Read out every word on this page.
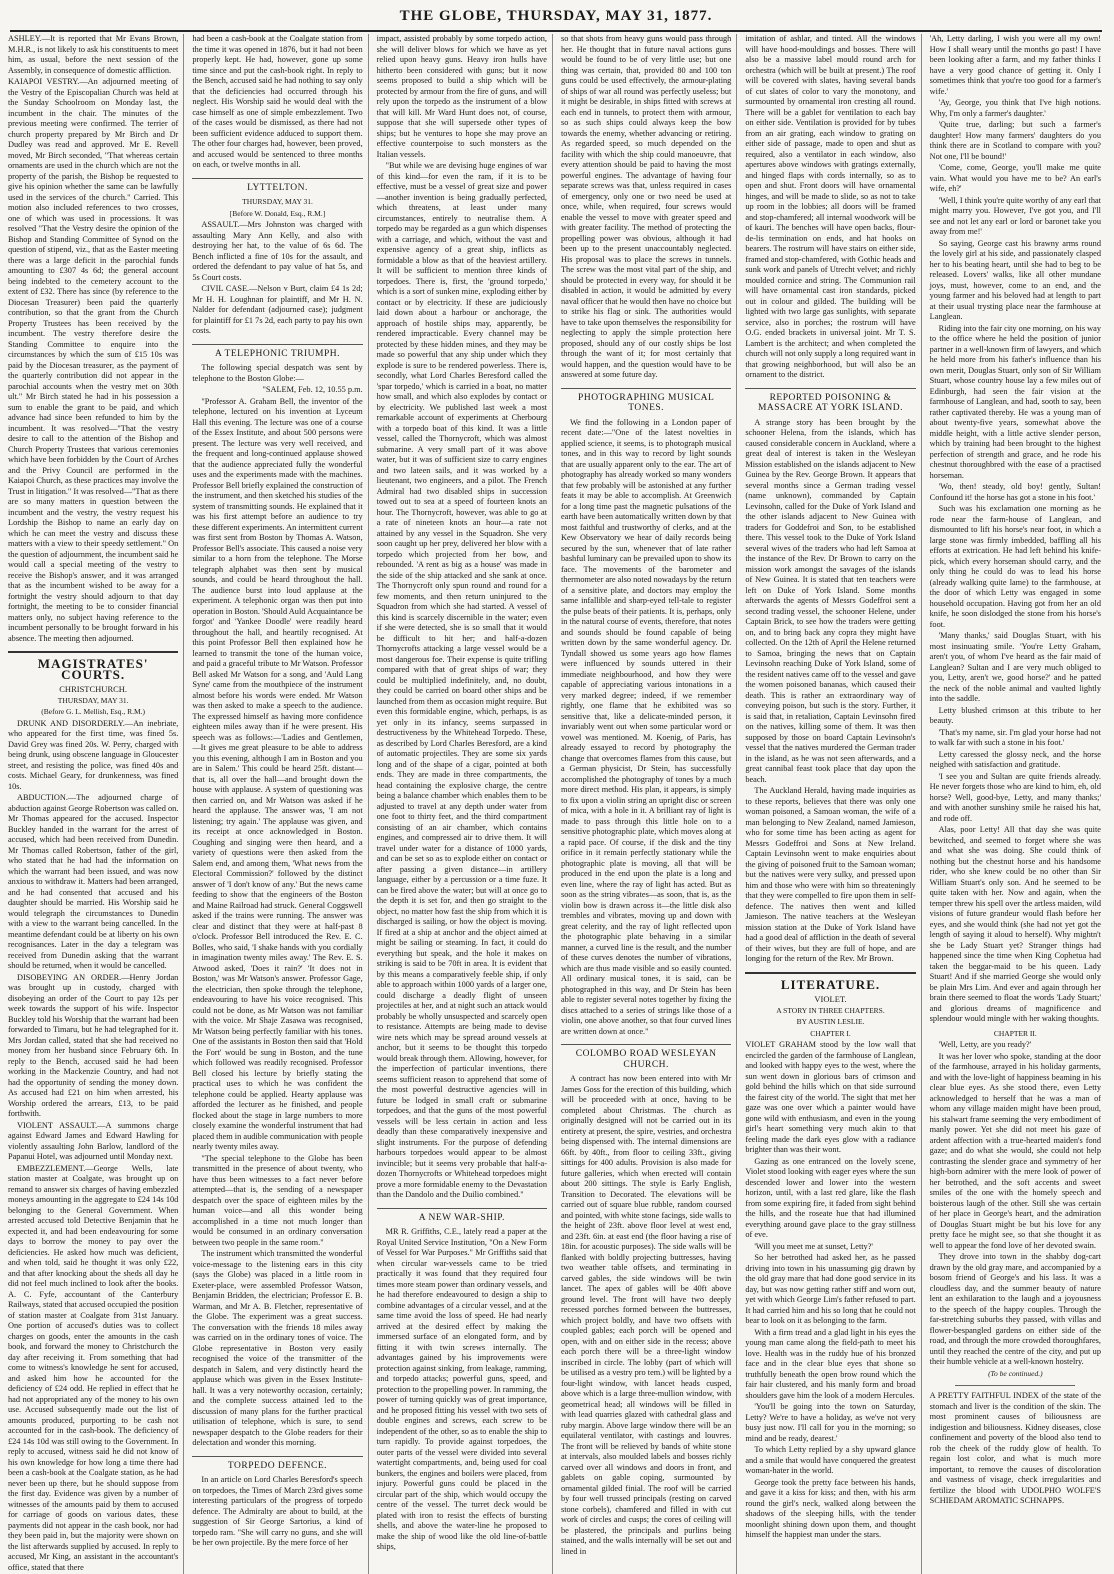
THE GLOBE, THURSDAY, MAY 31, 1877.

ASHLEY.—It is reported that Mr Evans Brown, M.H.R., is not likely to ask his constituents to meet him, as usual, before the next session of the Assembly, in consequence of domestic affliction.

KAIAPOI VESTRY.—An adjourned meeting of the Vestry of the Episcopalian Church was held at the Sunday Schoolroom on Monday last, the incumbent in the chair. The minutes of the previous meeting were confirmed. The terrier of church property prepared by Mr Birch and Dr Dudley was read and approved. Mr E. Revell moved, Mr Birch seconded, "That whereas certain ornaments are used in the church which are not the property of the parish, the Bishop be requested to give his opinion whether the same can be lawfully used in the services of the church." Carried. This motion also included references to two crosses, one of which was used in processions. It was resolved "That the Vestry desire the opinion of the Bishop and Standing Committee of Synod on the question of stipend, viz., that as the Easter meeting there was a large deficit in the parochial funds amounting to £307 4s 6d; the general account being indebted to the cemetery account to the extent of £32. There has since (by reference to the Diocesan Treasurer) been paid the quarterly contribution, so that the grant from the Church Property Trustees has been received by the incumbent. The vestry therefore desire the Standing Committee to enquire into the circumstances by which the sum of £15 10s was paid by the Diocesan treasurer, as the payment of the quarterly contribution did not appear in the parochial accounts when the vestry met on 30th ult." Mr Birch stated he had in his possession a sum to enable the grant to be paid, and which advance had since been refunded to him by the incumbent. It was resolved—"That the vestry desire to call to the attention of the Bishop and Church Property Trustees that various ceremonies which have been forbidden by the Court of Arches and the Privy Council are performed in the Kaiapoi Church, as these practices may involve the Trust in litigation." It was resolved—"That as there are so many matters in question between the incumbent and the vestry, the vestry request his Lordship the Bishop to name an early day on which he can meet the vestry and discuss these matters with a view to their speedy settlement." On the question of adjournment, the incumbent said he would call a special meeting of the vestry to receive the Bishop's answer, and it was arranged that as the incumbent wished to be away for a fortnight the vestry should adjourn to that day fortnight, the meeting to be to consider financial matters only, no subject having reference to the incumbent personally to be brought forward in his absence. The meeting then adjourned.

MAGISTRATES' COURTS.
CHRISTCHURCH.
THURSDAY, MAY 31.
(Before G. L. Mellish, Esq., R.M.)

DRUNK AND DISORDERLY.—An inebriate, who appeared for the first time, was fined 5s. David Grey was fined 20s. W. Perry, charged with being drunk, using obscene language in Gloucester street, and resisting the police, was fined 40s and costs. Michael Geary, for drunkenness, was fined 10s.

ABDUCTION.—The adjourned charge of abduction against George Robertson was called on. Mr Thomas appeared for the accused. Inspector Buckley handed in the warrant for the arrest of accused, which had been received from Dunedin. Mr Thomas called Robertson, father of the girl, who stated that he had had the information on which the warrant had been issued, and was now anxious to withdraw it. Matters had been arranged, and he had consented that accused and his daughter should be married. His Worship said he would telegraph the circumstances to Dunedin with a view to the warrant being cancelled. In the meantime defendant could be at liberty on his own recognisances. Later in the day a telegram was received from Dunedin asking that the warrant should be returned, when it would be cancelled.

DISOBEYING AN ORDER.—Henry Jordan was brought up in custody, charged with disobeying an order of the Court to pay 12s per week towards the support of his wife. Inspector Buckley told his Worship that the warrant had been forwarded to Timaru, but he had telegraphed for it. Mrs Jordan called, stated that she had received no money from her husband since February 6th. In reply to the Bench, accused said he had been working in the Mackenzie Country, and had not had the opportunity of sending the money down. As accused had £21 on him when arrested, his Worship ordered the arrears, £13, to be paid forthwith.

VIOLENT ASSAULT.—A summons charge against Edward James and Edward Hawling for violently assaulting John Barlow, landlord of the Papanui Hotel, was adjourned until Monday next.

EMBEZZLEMENT.—George Wells, late station master at Coalgate, was brought up on remand to answer six charges of having embezzled moneys amounting in the aggregate to £24 14s 10d belonging to the General Government. When arrested accused told Detective Benjamin that he expected it, and had been endeavouring for some days to borrow the money to pay over the deficiencies. He asked how much was deficient, and when told, said he thought it was only £22, and that after knocking about the sheds all day he did not feel much inclined to look after the books. A. C. Fyfe, accountant of the Canterbury Railways, stated that accused occupied the position of station master at Coalgate from 31st January. One portion of accused's duties was to collect charges on goods, enter the amounts in the cash book, and forward the money to Christchurch the day after receiving it. From something that had come to witness's knowledge he sent for accused, and asked him how he accounted for the deficiency of £24 odd. He replied in effect that he had not appropriated any of the money to his own use. Accused subsequently made out the list of amounts produced, purporting to be cash not accounted for in the cash-book. The deficiency of £24 14s 10d was still owing to the Government. In reply to accused, witness said he did not know of his own knowledge for how long a time there had been a cash-book at the Coalgate station, as he had never been up there, but he should suppose from the first day. Evidence was given by a number of witnesses of the amounts paid by them to accused for carriage of goods on various dates, these payments did not appear in the cash book, nor had they been paid in, but the majority were shown on the list afterwards supplied by accused. In reply to accused, Mr King, an assistant in the accountant's office, stated that there

had been a cash-book at the Coalgate station from the time it was opened in 1876, but it had not been properly kept. He had, however, gone up some time since and put the cash-book right. In reply to the Bench, accused said he had nothing to say only that the deficiencies had occurred through his neglect. His Worship said he would deal with the case himself as one of simple embezzlement. Two of the cases would be dismissed, as there had not been sufficient evidence adduced to support them. The other four charges had, however, been proved, and accused would be sentenced to three months on each, or twelve months in all.

LYTTELTON.
THURSDAY, MAY 31.
[Before W. Donald, Esq., R.M.]

ASSAULT.—Mrs Johnston was charged with assaulting Mary Ann Kelly, and also with destroying her hat, to the value of 6s 6d. The Bench inflicted a fine of 10s for the assault, and ordered the defendant to pay value of hat 5s, and 5s Court costs.

CIVIL CASE.—Nelson v Burt, claim £4 1s 2d; Mr H. H. Loughnan for plaintiff, and Mr H. N. Nalder for defendant (adjourned case); judgment for plaintiff for £1 7s 2d, each party to pay his own costs.

A TELEPHONIC TRIUMPH.

The following special despatch was sent by telephone to the Boston Globe:—

"SALEM, Feb. 12, 10.55 p.m.

"Professor A. Graham Bell, the inventor of the telephone, lectured on his invention at Lyceum Hall this evening. The lecture was one of a course of the Essex Institute, and about 500 persons were present. The lecture was very well received, and the frequent and long-continued applause showed that the audience appreciated fully the wonderful uses and the experiments made with the machines. Professor Bell briefly explained the construction of the instrument, and then sketched his studies of the system of transmitting sounds. He explained that it was his first attempt before an audience to try these different experiments. An intermittent current was first sent from Boston by Thomas A. Watson, Professor Bell's associate. This caused a noise very similar to a horn from the telephone. The Morse telegraph alphabet was then sent by musical sounds, and could be heard throughout the hall. The audience burst into loud applause at the experiment. A telephonic organ was then put into operation in Boston. 'Should Auld Acquaintance be forgot' and 'Yankee Doodle' were readily heard throughout the hall, and heartily recognised. At this point Professor Bell then explained how he learned to transmit the tone of the human voice, and paid a graceful tribute to Mr Watson. Professor Bell asked Mr Watson for a song, and 'Auld Lang Syne' came from the mouthpiece of the instrument almost before his words were ended. Mr Watson was then asked to make a speech to the audience. The expressed himself as having more confidence eighteen miles away than if he were present. His speech was as follows:—'Ladies and Gentlemen,—It gives me great pleasure to be able to address you this evening, although I am in Boston and you are in Salem.' This could be heard 25ft. distant—that is, all over the hall—and brought down the house with applause. A system of questioning was then carried on, and Mr Watson was asked if he heard the applause. The answer was, 'I am not listening; try again.' The applause was given, and its receipt at once acknowledged in Boston. Coughing and singing were then heard, and a variety of questions were then asked from the Salem end, and among them, 'What news from the Electoral Commission?' followed by the distinct answer of 'I don't know of any.' But the news came feeding to show that the engineers of the Boston and Maine Railroad had struck. General Coggswell asked if the trains were running. The answer was clear and distinct that they were at half-past 8 o'clock. Professor Bell introduced the Rev. E. C. Bolles, who said, 'I shake hands with you cordially in imagination twenty miles away.' The Rev. E. S. Atwood asked, 'Does it rain?' 'It does not in Boston,' was Mr Watson's answer. Professor Gage, the electrician, then spoke through the telephone, endeavouring to have his voice recognised. This could not be done, as Mr Watson was not familiar with the voice. Mr Shaje Zasawa was recognised, Mr Watson being perfectly familiar with his tones. One of the assistants in Boston then said that 'Hold the Fort' would be sung in Boston, and the tune which followed was readily recognised. Professor Bell closed his lecture by briefly stating the practical uses to which he was confident the telephone could be applied. Hearty applause was afforded the lecturer as he finished, and people flocked about the stage in large numbers to more closely examine the wonderful instrument that had placed them in audible communication with people nearly twenty miles away.

"The special telephone to the Globe has been transmitted in the presence of about twenty, who have thus been witnesses to a fact never before attempted—that is, the sending of a newspaper despatch over the space of eighteen miles by the human voice—and all this wonder being accomplished in a time not much longer than would be consumed in an ordinary conversation between two people in the same room."

The instrument which transmitted the wonderful voice-message to the listening ears in this city (says the Globe) was placed in a little room in Exeter-place, were assembled Professor Watson, Benjamin Bridden, the electrician; Professor E. B. Warman, and Mr A. B. Fletcher, representative of the Globe. The experiment was a great success. The conversation with the friends 18 miles away was carried on in the ordinary tones of voice. The Globe representative in Boston very easily recognised the voice of the transmitter of the despatch in Salem, and very distinctly heard the applause which was given in the Essex Institute-hall. It was a very noteworthy occasion, certainly; and the complete success attained led to the discussion of many plans for the further practical utilisation of telephone, which is sure, to send newspaper despatch to the Globe readers for their delectation and wonder this morning.

TORPEDO DEFENCE.

In an article on Lord Charles Beresford's speech on torpedoes, the Times of March 23rd gives some interesting particulars of the progress of torpedo defence. The Admiralty are about to build, at the suggestion of Sir George Sartorius, a kind of torpedo ram. "She will carry no guns, and she will be her own projectile. By the mere force of her

impact, assisted probably by some torpedo action, she will deliver blows for which we have as yet relied upon heavy guns. Heavy iron hulls have hitherto been considered with guns; but it now seems proposed to build a ship which will be protected by armour from the fire of guns, and will rely upon the torpedo as the instrument of a blow that will kill. Mr Ward Hunt does not, of course, suppose that she will supersede other types of ships; but he ventures to hope she may prove an effective counterpoise to such monsters as the Italian vessels.

"But while we are devising huge engines of war of this kind—for even the ram, if it is to be effective, must be a vessel of great size and power—another invention is being gradually perfected, which threatens, at least under many circumstances, entirely to neutralise them. A torpedo may be regarded as a gun which dispenses with a carriage, and which, without the vast and expensive agency of a great ship, inflicts as formidable a blow as that of the heaviest artillery. It will be sufficient to mention three kinds of torpedoes. There is, first, the 'ground torpedo,' which is a sort of sunken mine, exploding either by contact or by electricity. If these are judiciously laid down about a harbour or anchorage, the approach of hostile ships may, apparently, be rendered impracticable. Every channel may be protected by these hidden mines, and they may be made so powerful that any ship under which they explode is sure to be rendered powerless. There is, secondly, what Lord Charles Beresford called the 'spar torpedo,' which is carried in a boat, no matter how small, and which also explodes by contact or by electricity. We published last week a most remarkable account of experiments at Cherbourg with a torpedo boat of this kind. It was a little vessel, called the Thornycroft, which was almost submarine. A very small part of it was above water, but it was of sufficient size to carry engines and two lateen sails, and it was worked by a lieutenant, two engineers, and a pilot. The French Admiral had two disabled ships in succession towed out to sea at a speed of fourteen knots an hour. The Thornycroft, however, was able to go at a rate of nineteen knots an hour—a rate not attained by any vessel in the Squadron. She very soon caught up her prey, delivered her blow with a torpedo which projected from her bow, and rebounded. 'A rent as big as a house' was made in the side of the ship attacked and she sank at once. The Thornycroft only spun round and round for a few moments, and then return uninjured to the Squadron from which she had started. A vessel of this kind is scarcely discernible in the water; even if she were detected, she is so small that it would be difficult to hit her; and half-a-dozen Thornycrofts attacking a large vessel would be a most dangerous foe. Their expense is quite trifling compared with that of great ships of war; they could be multiplied indefinitely, and, no doubt, they could be carried on board other ships and be launched from them as occasion might require. But even this formidable engine, which, perhaps, is as yet only in its infancy, seems surpassed in destructiveness by the Whitehead Torpedo. These, as described by Lord Charles Beresford, are a kind of automatic projectiles. They are some six yards long and of the shape of a cigar, pointed at both ends. They are made in three compartments, the head containing the explosive charge, the centre being a balance chamber which enables them to be adjusted to travel at any depth under water from one foot to thirty feet, and the third compartment consisting of an air chamber, which contains engines, and compressed air to drive them. It will travel under water for a distance of 1000 yards, and can be set so as to explode either on contact or after passing a given distance—in artillery language, either by a percussion or a time fuze. It can be fired above the water; but will at once go to the depth it is set for, and then go straight to the object, no matter how fast the ship from which it is discharged is sailing, or how the object is moving. If fired at a ship at anchor and the object aimed at might be sailing or steaming. In fact, it could do everything but speak, and the hole it makes on striking is said to be 70ft in area. It is evident that by this means a comparatively feeble ship, if only able to approach within 1000 yards of a larger one, could discharge a deadly flight of unseen projectiles at her, and at night such an attack would probably be wholly unsuspected and scarcely open to resistance. Attempts are being made to devise wire nets which may be spread around vessels at anchor, but it seems to be thought this torpedo would break through them. Allowing, however, for the imperfection of particular inventions, there seems sufficient reason to apprehend that some of the most powerful destructive agencies will in future be lodged in small craft or submarine torpedoes, and that the guns of the most powerful vessels will be less certain in action and less deadly than these comparatively inexpensive and slight instruments. For the purpose of defending harbours torpedoes would appear to be almost invincible; but it seems very probable that half-a-dozen Thornycrofts or Whitehead torpedoes might prove a more formidable enemy to the Devastation than the Dandolo and the Duilio combined."

A NEW WAR-SHIP.

MR R. Griffiths, C.E., lately read a paper at the Royal United Service Institution, "On a New Form of Vessel for War Purposes." Mr Griffiths said that when circular war-vessels came to be tried practically it was found that they required four times more steam power than ordinary vessels, and he had therefore endeavoured to design a ship to combine advantages of a circular vessel, and at the same time avoid the loss of speed. He had nearly arrived at the desired effect by making the immersed surface of an elongated form, and by fitting it with twin screws internally. The advantages gained by his improvements were protection against sinking, from leakage, ramming, and torpedo attacks; powerful guns, speed, and protection to the propelling power. In ramming, the power of turning quickly was of great importance, and he proposed fitting his vessel with two sets of double engines and screws, each screw to be independent of the other, so as to enable the ship to turn rapidly. To provide against torpedoes, the outer parts of the vessel were divided into several watertight compartments, and, being used for coal bunkers, the engines and boilers were placed, from injury. Powerful guns could be placed in the circular part of the ship, which would occupy the centre of the vessel. The turret deck would be plated with iron to resist the effects of bursting shells, and above the water-line he proposed to make the ship of wood like the old line-of-battle ships,

so that shots from heavy guns would pass through her. He thought that in future naval actions guns would be found to be of very little use; but one thing was certain, that, provided 80 and 100 ton guns could be used effectively, the armour-plating of ships of war all round was perfectly useless; but it might be desirable, in ships fitted with screws at each end in tunnels, to protect them with armour, so as such ships could always keep the bow towards the enemy, whether advancing or retiring. As regarded speed, so much depended on the facility with which the ship could manoeuvre, that every attention should be paid to having the most powerful engines. The advantage of having four separate screws was that, unless required in cases of emergency, only one or two need be used at once, while, when required, four screws would enable the vessel to move with greater speed and with greater facility. The method of protecting the propelling power was obvious, although it had been up to the present unaccountably neglected. His proposal was to place the screws in tunnels. The screw was the most vital part of the ship, and should be protected in every way, for should it be disabled in action, it would be admitted by every naval officer that he would then have no choice but to strike his flag or sink. The authorities would have to take upon themselves the responsibility for neglecting to apply the simple protection here proposed, should any of our costly ships be lost through the want of it; for most certainly that would happen, and the question would have to be answered at some future day.

PHOTOGRAPHING MUSICAL TONES.

We find the following in a London paper of recent date:—"One of the latest novelties in applied science, it seems, is to photograph musical tones, and in this way to record by light sounds that are usually apparent only to the ear. The art of photography has already worked so many wonders that few probably will be astonished at any further feats it may be able to accomplish. At Greenwich for a long time past the magnetic pulsations of the earth have been automatically written down by that most faithful and trustworthy of clerks, and at the Kew Observatory we hear of daily records being secured by the sun, whenever that of late rather bashful luminary can be prevailed upon to show its face. The movements of the barometer and thermometer are also noted nowadays by the return of a sensitive plate, and doctors may employ the same infallible and sharp-eyed tell-tale to register the pulse beats of their patients. It is, perhaps, only in the natural course of events, therefore, that notes and sounds should be found capable of being written down by the same wonderful agency. Dr. Tyndall showed us some years ago how flames were influenced by sounds uttered in their immediate neighbourhood, and how they were capable of appreciating various intonations in a very marked degree; indeed, if we remember rightly, one flame that he exhibited was so sensitive that, like a delicate-minded person, it invariably went out when some particular word or vowel was mentioned. M. Koenig, of Paris, has already essayed to record by photography the change that overcomes flames from this cause, but a German physicist, Dr Stein, has successfully accomplished the photography of tones by a much more direct method. His plan, it appears, is simply to fix upon a violin string an upright disc or screen of mica, with a hole in it. A brilliant ray of light is made to pass through this little hole on to a sensitive photographic plate, which moves along at a rapid pace. Of course, if the disk and the tiny orifice in it remain perfectly stationary while the photographic plate is moving, all that will be produced in the end upon the plate is a long and even line, where the ray of light has acted. But as soon as the string vibrates—as soon, that is, as the violin bow is drawn across it—the little disk also trembles and vibrates, moving up and down with great celerity, and the ray of light reflected upon the photographic plate behaving in a similar manner, a curved line is the result, and the number of these curves denotes the number of vibrations, which are thus made visible and so easily counted. All ordinary musical tones, it is said, can be photographed in this way, and Dr Stein has been able to register several notes together by fixing the discs attached to a series of strings like those of a violin, one above another, so that four curved lines are written down at once."

COLOMBO ROAD WESLEYAN CHURCH.

A contract has now been entered into with Mr James Goss for the erection of this building, which will be proceeded with at once, having to be completed about Christmas. The church as originally designed will not be carried out in its entirety at present, the spire, vestries, and orchestra being dispensed with. The internal dimensions are 66ft. by 40ft., from floor to ceiling 33ft., giving sittings for 400 adults. Provision is also made for future galleries, which when erected will contain about 200 sittings. The style is Early English, Transition to Decorated. The elevations will be carried out of square blue rubble, random coursed and pointed, with white stone facings, side walls to the height of 23ft. above floor level at west end, and 23ft. 6in. at east end (the floor having a rise of 18in. for acoustic purposes). The side walls will be flanked with boldly projecting buttresses, having two weather table offsets, and terminating in carved gables, the side windows will be twin lancet. The apex of gables will be 40ft above ground level. The front will have two deeply recessed porches formed between the buttresses, which project boldly, and have two offsets with coupled gables; each porch will be opened and open, with and on either side in the recess; above each porch there will be a three-light window inscribed in circle. The lobby (part of which will be utilised as a vestry pro tem.) will be lighted by a four-light window, with lancet heads cusped, above which is a large three-mullion window, with geometrical head; all windows will be filled in with lead quarries glazed with cathedral glass and ruby margin. Above large window there will be an equilateral ventilator, with castings and louvres. The front will be relieved by bands of white stone at intervals, also moulded labels and bosses richly carved over all windows and doors in front, and gablets on gable coping, surmounted by ornamental gilded finial. The roof will be carried by four well trussed principals (resting on carved stone corbels), chamfered and filled in with cut work of circles and cusps; the cores of ceiling will be plastered, the principals and purlins being stained, and the walls internally will be set out and lined in

imitation of ashlar, and tinted. All the windows will have hood-mouldings and bosses. There will also be a massive label mould round arch for orchestra (which will be built at present.) The roof will be covered with slates, having several bands of cut slates of color to vary the monotony, and surmounted by ornamental iron cresting all round. There will be a gablet for ventilation to each bay on either side. Ventilation is provided for by tubes from an air grating, each window to grating on either side of passage, made to open and shut as required, also a ventilator in each window, also apertures above windows with gratings externally, and hinged flaps with cords internally, so as to open and shut. Front doors will have ornamental hinges, and will be made to slide, so as not to take up room in the lobbies; all doors will be framed and stop-chamfered; all internal woodwork will be of kauri. The benches will have open backs, flour-de-lis termination on ends, and hat hooks on bearers. The rostrum will have stairs on either side, framed and stop-chamfered, with Gothic heads and sunk work and panels of Utrecht velvet; and richly moulded cornice and string. The Communion rail will have ornamental cast iron standards, picked out in colour and gilded. The building will be lighted with two large gas sunlights, with separate service, also in porches; the rostrum will have O.G. ended brackets in universal joint. Mr T. S. Lambert is the architect; and when completed the church will not only supply a long required want in that growing neighborhood, but will also be an ornament to the district.

REPORTED POISONING & MASSACRE AT YORK ISLAND.

A strange story has been brought by the schooner Helena, from the islands, which has caused considerable concern in Auckland, where a great deal of interest is taken in the Wesleyan Mission established on the islands adjacent to New Guinea by the Rev. George Brown. It appears that several months since a German trading vessel (name unknown), commanded by Captain Levinsohn, called for the Duke of York Island and the other islands adjacent to New Guinea with traders for Goddefroi and Son, to be established there. This vessel took to the Duke of York Island several wives of the traders who had left Samoa at the instance of the Rev. Dr Brown to carry on the mission work amongst the savages of the islands of New Guinea. It is stated that ten teachers were left on Duke of York Island. Some months afterwards the agents of Messrs Godeffroi sent a second trading vessel, the schooner Helene, under Captain Brick, to see how the traders were getting on, and to bring back any copra they might have collected. On the 12th of April the Helene returned to Samoa, bringing the news that on Captain Levinsohn reaching Duke of York Island, some of the resident natives came off to the vessel and gave the women poisoned bananas, which caused their death. This is rather an extraordinary way of conveying poison, but such is the story. Further, it is said that, in retaliation, Captain Levinsohn fired on the natives, killing some of them. It was then supposed by those on board Captain Levinsohn's vessel that the natives murdered the German trader in the island, as he was not seen afterwards, and a great cannibal feast took place that day upon the beach.

The Auckland Herald, having made inquiries as to these reports, believes that there was only one woman poisoned, a Samoan woman, the wife of a man belonging to New Zealand, named Jamieson, who for some time has been acting as agent for Messrs Godeffroi and Sons at New Ireland. Captain Levinsohn went to make enquiries about the giving of poisoned fruit to the Samoan woman; but the natives were very sulky, and pressed upon him and those who were with him so threateningly that they were compelled to fire upon them in self-defence. The natives then went and killed Jamieson. The native teachers at the Wesleyan mission station at the Duke of York Island have had a good deal of affliction in the death of several of their wives, but they are full of hope, and are longing for the return of the Rev. Mr Brown.

LITERATURE.
VIOLET.
A STORY IN THREE CHAPTERS.
BY AUSTIN LESLIE.
CHAPTER I.

VIOLET GRAHAM stood by the low wall that encircled the garden of the farmhouse of Langlean, and looked with happy eyes to the west, where the sun went down in glorious bars of crimson and gold behind the hills which on that side surround the fairest city of the world. The sight that met her gaze was one over which a painter would have gone wild with enthusiasm, and even in the young girl's heart something very much akin to that feeling made the dark eyes glow with a radiance brighter than was their wont.

Gazing as one entranced on the lovely scene, Violet stood looking with eager eyes where the sun descended lower and lower into the western horizon, until, with a last red glare, like the flash from some expiring fire, it faded from sight behind the hills, and the roseate hue that had illumined everything around gave place to the gray stillness of eve.

'Will you meet me at sunset, Letty?'

So her betrothed had asked her, as he passed driving into town in his unassuming gig drawn by the old gray mare that had done good service in its day, but was now getting rather stiff and worn out, yet with which George Lim's father refused to part. It had carried him and his so long that he could not bear to look on it as belonging to the farm.

With a firm tread and a glad light in his eyes the young man came along the field-path to meet his love. Health was in the ruddy hue of his bronzed face and in the clear blue eyes that shone so truthfully beneath the open brow round which the fair hair clustered, and his manly form and broad shoulders gave him the look of a modern Hercules.

'You'll be going into the town on Saturday, Letty? We're to have a holiday, as we've not very busy just now. I'll call for you in the morning; so mind and be ready, dearest.'

To which Letty replied by a shy upward glance and a smile that would have conquered the greatest woman-hater in the world.

George took the pretty face between his hands, and gave it a kiss for kiss; and then, with his arm round the girl's neck, walked along between the shadows of the sleeping hills, with the tender moonlight shining down upon them, and thought himself the happiest man under the stars.

'Ah, Letty darling, I wish you were all my own! How I shall weary until the months go past! I have been looking after a farm, and my father thinks I have a very good chance of getting it. Only I sometimes think that you're too good for a farmer's wife.'

'Ay, George, you think that I've high notions. Why, I'm only a farmer's daughter.'

'Quite true, darling; but such a farmer's daughter! How many farmers' daughters do you think there are in Scotland to compare with you? Not one, I'll be bound!'

'Come, come, George, you'll make me quite vain. What would you have me to be? An earl's wife, eh?'

'Well, I think you're quite worthy of any earl that might marry you. However, I've got you, and I'll see and not let any earl or lord or baronet take you away from me!'

So saying, George cast his brawny arms round the lovely girl at his side, and passionately clasped her to his beating heart, until she had to beg to be released. Lovers' walks, like all other mundane joys, must, however, come to an end, and the young farmer and his beloved had at length to part at their usual trysting place near the farmhouse at Langlean.

Riding into the fair city one morning, on his way to the office where he held the position of junior partner in a well-known firm of lawyers, and which he held more from his father's influence than his own merit, Douglas Stuart, only son of Sir William Stuart, whose country house lay a few miles out of Edinburgh, had seen the fair vision at the farmhouse of Langlean, and had, sooth to say, been rather captivated thereby. He was a young man of about twenty-five years, somewhat above the middle height, with a little active slender person, which by training had been brought to the highest perfection of strength and grace, and he rode his chestnut thoroughbred with the ease of a practised horseman.

'Wo, then! steady, old boy! gently, Sultan! Confound it! the horse has got a stone in his foot.'

Such was his exclamation one morning as he rode near the farm-house of Langlean, and dismounted to lift his horse's near foot, in which a large stone was firmly imbedded, baffling all his efforts at extrication. He had left behind his knife-pick, which every horseman should carry, and the only thing he could do was to lead his horse (already walking quite lame) to the farmhouse, at the door of which Letty was engaged in some household occupation. Having got from her an old knife, he soon dislodged the stone from his horse's foot.

'Many thanks,' said Douglas Stuart, with his most insinuating smile. 'You're Letty Graham, aren't you, of whom I've heard as the fair maid of Langlean? Sultan and I are very much obliged to you, Letty, aren't we, good horse?' and he patted the neck of the noble animal and vaulted lightly into the saddle.

Letty blushed crimson at this tribute to her beauty.

'That's my name, sir. I'm glad your horse had not to walk far with such a stone in his foot.'

Letty caressed the glossy neck, and the horse neighed with satisfaction and gratitude.

'I see you and Sultan are quite friends already. He never forgets those who are kind to him, eh, old horse? Well, good-bye, Letty, and many thanks;' and with another sunshiny smile he raised his hat, and rode off.

Alas, poor Letty! All that day she was quite bewitched, and seemed to forget where she was and what she was doing. She could think of nothing but the chestnut horse and his handsome rider, who she knew could be no other than Sir William Stuart's only son. And he seemed to be quite taken with her. Now and again, when the temper threw his spell over the artless maiden, wild visions of future grandeur would flash before her eyes, and she would think (she had not yet got the length of saying it aloud to herself). Why mightn't she be Lady Stuart yet? Stranger things had happened since the time when King Cophetua had taken the beggar-maid to be his queen. Lady Stuart! And if she married George she would only be plain Mrs Lim. And ever and again through her brain there seemed to float the words 'Lady Stuart;' and glorious dreams of magnificence and splendour would mingle with her waking thoughts.

CHAPTER II.

'Well, Letty, are you ready?'

It was her lover who spoke, standing at the door of the farmhouse, arrayed in his holiday garments, and with the love-light of happiness beaming in his clear blue eyes. As she stood there, even Letty acknowledged to herself that he was a man of whom any village maiden might have been proud, his stalwart frame seeming the very embodiment of manly power. Yet she did not meet his gaze of ardent affection with a true-hearted maiden's fond gaze; and do what she would, she could not help contrasting the slender grace and symmetry of her high-born admirer with the mere look of power of her betrothed, and the soft accents and sweet smiles of the one with the homely speech and boisterous laugh of the other. Still she was certain of her place in George's heart, and the admiration of Douglas Stuart might be but his love for any pretty face he might see, so that she thought it as well to appear the fond love of her devoted swain.

They drove into town in the shabby dog-cart drawn by the old gray mare, and accompanied by a bosom friend of George's and his lass. It was a cloudless day, and the summer beauty of nature lent an exhilaration to the laugh and a joyousness to the speech of the happy couples. Through the far-stretching suburbs they passed, with villas and flower-bespangled gardens on either side of the road, and through the more crowded thoroughfares, until they reached the centre of the city, and put up their humble vehicle at a well-known hostelry.

(To be continued.)

A PRETTY FAITHFUL INDEX of the state of the stomach and liver is the condition of the skin. The most prominent causes of biliousness are indigestion and biliousness. Kidney diseases, close confinement and poverty of the blood also tend to rob the cheek of the ruddy glow of health. To regain lost color, and what is much more important, to remove the causes of discoloration and vastness of visage, check irregularities and fertilize the blood with UDOLPHO WOLFE'S SCHIEDAM AROMATIC SCHNAPPS.
